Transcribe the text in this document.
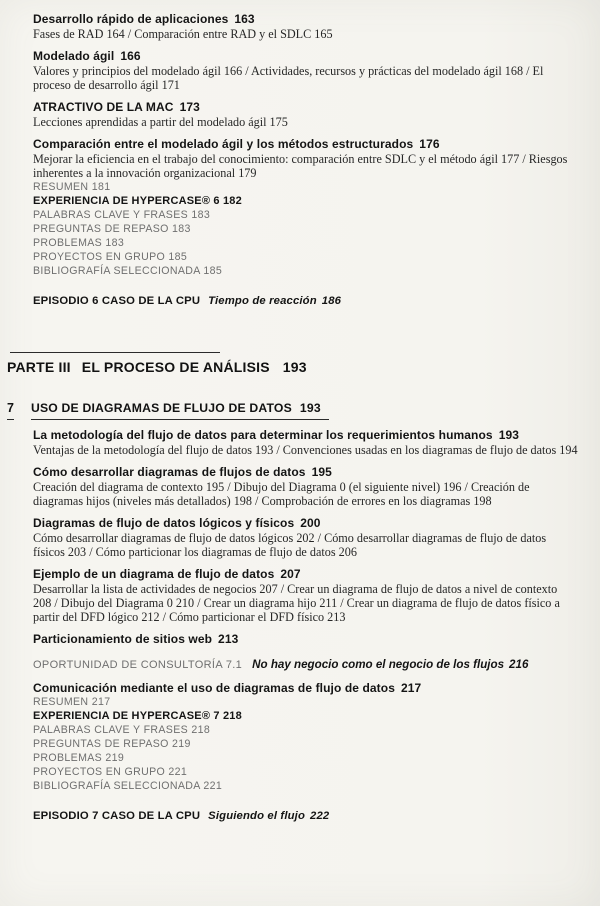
Desarrollo rápido de aplicaciones 163
Fases de RAD 164 / Comparación entre RAD y el SDLC 165
Modelado ágil 166
Valores y principios del modelado ágil 166 / Actividades, recursos y prácticas del modelado ágil 168 / El proceso de desarrollo ágil 171
ATRACTIVO DE LA MAC 173
Lecciones aprendidas a partir del modelado ágil 175
Comparación entre el modelado ágil y los métodos estructurados 176
Mejorar la eficiencia en el trabajo del conocimiento: comparación entre SDLC y el método ágil 177 / Riesgos inherentes a la innovación organizacional 179
RESUMEN 181
EXPERIENCIA DE HYPERCASE® 6 182
PALABRAS CLAVE Y FRASES 183
PREGUNTAS DE REPASO 183
PROBLEMAS 183
PROYECTOS EN GRUPO 185
BIBLIOGRAFÍA SELECCIONADA 185
EPISODIO 6 CASO DE LA CPU Tiempo de reacción 186
PARTE III EL PROCESO DE ANÁLISIS 193
7 USO DE DIAGRAMAS DE FLUJO DE DATOS 193
La metodología del flujo de datos para determinar los requerimientos humanos 193
Ventajas de la metodología del flujo de datos 193 / Convenciones usadas en los diagramas de flujo de datos 194
Cómo desarrollar diagramas de flujos de datos 195
Creación del diagrama de contexto 195 / Dibujo del Diagrama 0 (el siguiente nivel) 196 / Creación de diagramas hijos (niveles más detallados) 198 / Comprobación de errores en los diagramas 198
Diagramas de flujo de datos lógicos y físicos 200
Cómo desarrollar diagramas de flujo de datos lógicos 202 / Cómo desarrollar diagramas de flujo de datos físicos 203 / Cómo particionar los diagramas de flujo de datos 206
Ejemplo de un diagrama de flujo de datos 207
Desarrollar la lista de actividades de negocios 207 / Crear un diagrama de flujo de datos a nivel de contexto 208 / Dibujo del Diagrama 0 210 / Crear un diagrama hijo 211 / Crear un diagrama de flujo de datos físico a partir del DFD lógico 212 / Cómo particionar el DFD físico 213
Particionamiento de sitios web 213
OPORTUNIDAD DE CONSULTORÍA 7.1 No hay negocio como el negocio de los flujos 216
Comunicación mediante el uso de diagramas de flujo de datos 217
RESUMEN 217
EXPERIENCIA DE HYPERCASE® 7 218
PALABRAS CLAVE Y FRASES 218
PREGUNTAS DE REPASO 219
PROBLEMAS 219
PROYECTOS EN GRUPO 221
BIBLIOGRAFÍA SELECCIONADA 221
EPISODIO 7 CASO DE LA CPU Siguiendo el flujo 222
